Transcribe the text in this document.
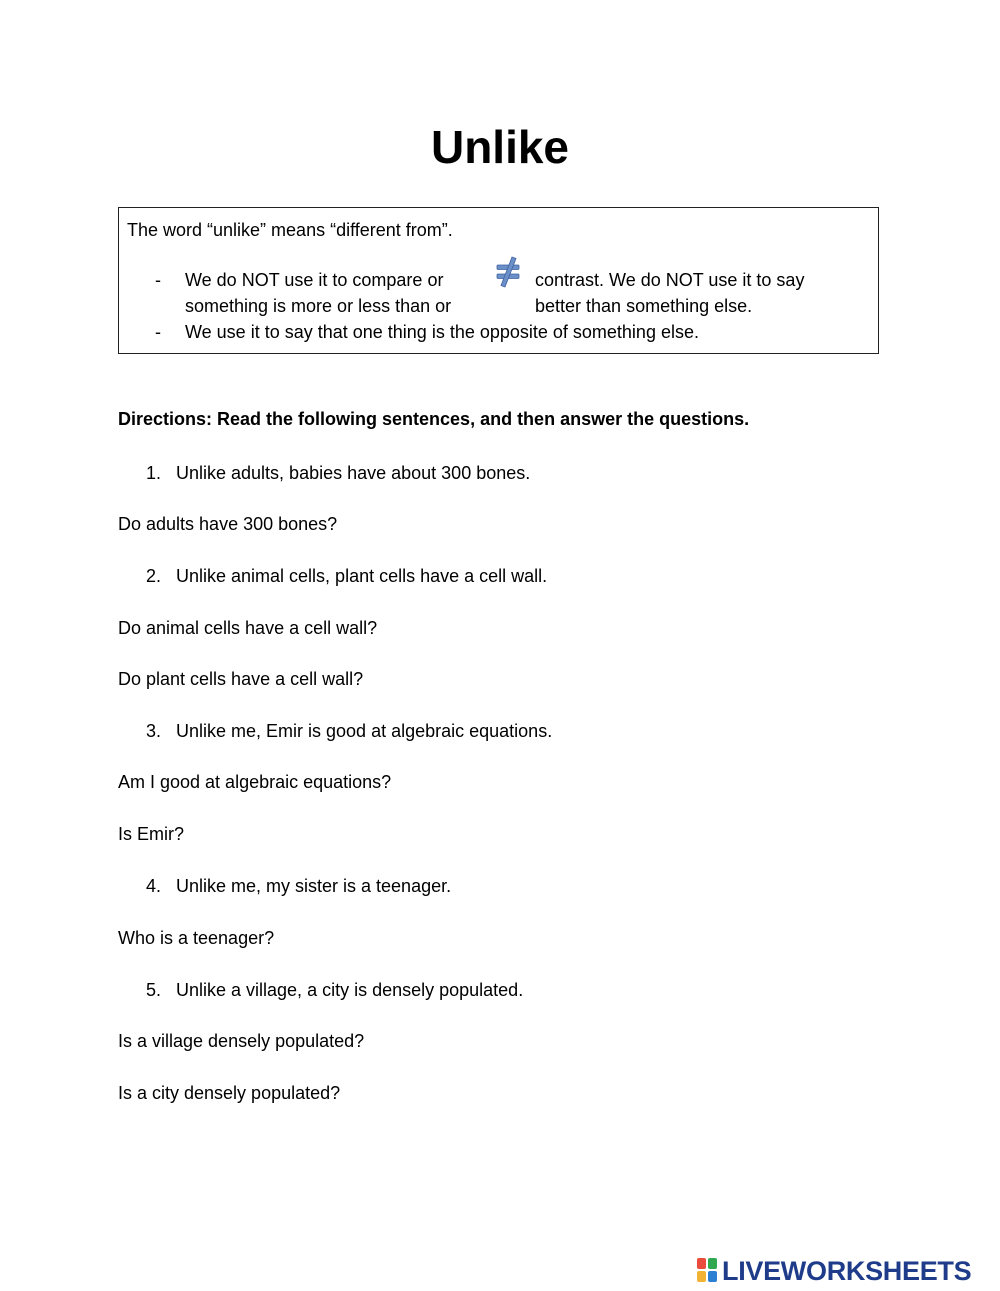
Unlike
The word “unlike” means “different from”.
- We do NOT use it to compare or	contrast. We do NOT use it to say
something is more or less than or	better than something else.
- We use it to say that one thing is the opposite of something else.
Directions: Read the following sentences, and then answer the questions.
1. Unlike adults, babies have about 300 bones.
Do adults have 300 bones?
2. Unlike animal cells, plant cells have a cell wall.
Do animal cells have a cell wall?
Do plant cells have a cell wall?
3. Unlike me, Emir is good at algebraic equations.
Am I good at algebraic equations?
Is Emir?
4. Unlike me, my sister is a teenager.
Who is a teenager?
5. Unlike a village, a city is densely populated.
Is a village densely populated?
Is a city densely populated?
LIVEWORKSHEETS
